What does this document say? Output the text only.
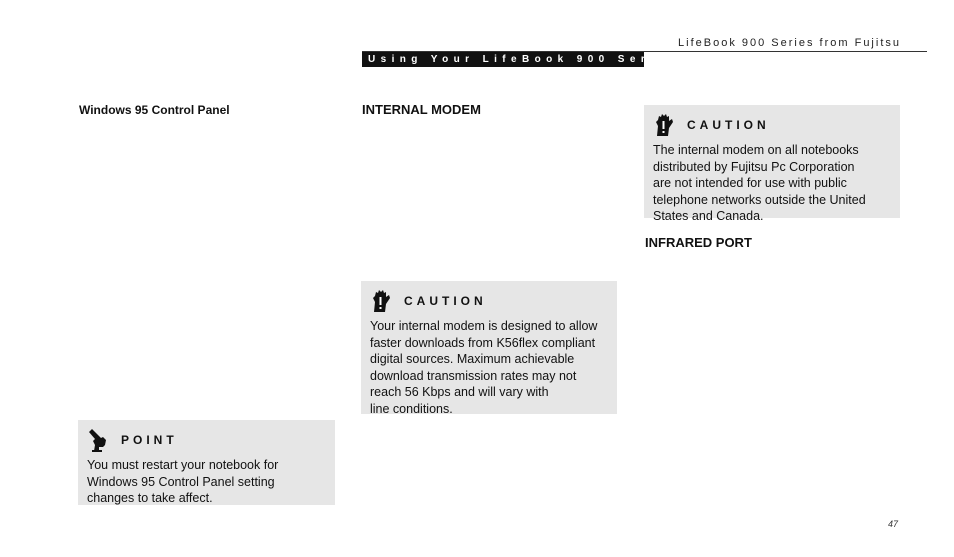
LifeBook 900 Series from Fujitsu
Using Your LifeBook 900 Series
Windows 95 Control Panel	INTERNAL MODEM
INFRARED PORT
CAUTION
The internal modem on all notebooks
distributed by Fujitsu Pc Corporation
are not intended for use with public
telephone networks outside the United
States and Canada.
CAUTION
Your internal modem is designed to allow
faster downloads from K56flex compliant
digital sources. Maximum achievable
download transmission rates may not
reach 56 Kbps and will vary with
line conditions.
POINT
You must restart your notebook for
Windows 95 Control Panel setting
changes to take affect.
47
